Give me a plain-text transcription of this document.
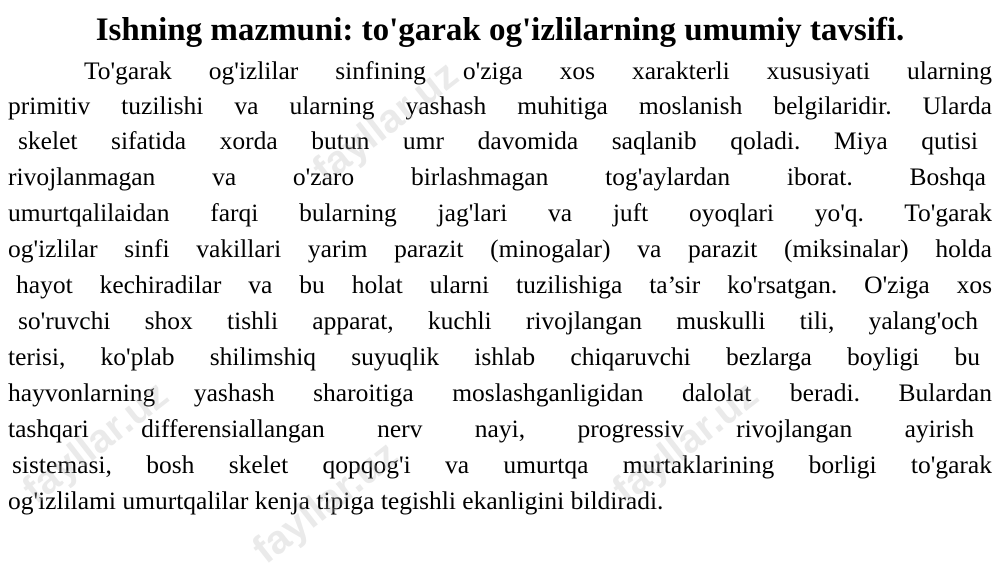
Ishning mazmuni: to'garak og'izlilarning umumiy tavsifi.
To'garak og'izlilar sinfining o'ziga xos xarakterli xususiyati ularning
primitiv tuzilishi va ularning yashash muhitiga moslanish belgilaridir. Ularda
skelet sifatida xorda butun umr davomida saqlanib qoladi. Miya qutisi
rivojlanmagan va o'zaro birlashmagan tog'aylardan iborat. Boshqa
umurtqalilaidan farqi bularning jag'lari va juft oyoqlari yo'q. To'garak
og'izlilar sinfi vakillari yarim parazit (minogalar) va parazit (miksinalar) holda
hayot kechiradilar va bu holat ularni tuzilishiga ta’sir ko'rsatgan. O'ziga xos
so'ruvchi shox tishli apparat, kuchli rivojlangan muskulli tili, yalang'och
terisi, ko'plab shilimshiq suyuqlik ishlab chiqaruvchi bezlarga boyligi bu
hayvonlarning yashash sharoitiga moslashganligidan dalolat beradi. Bulardan
tashqari differensiallangan nerv nayi, progressiv rivojlangan ayirish
sistemasi, bosh skelet qopqog'i va umurtqa murtaklarining borligi to'garak
og'izlilami umurtqalilar kenja tipiga tegishli ekanligini bildiradi.
fayllar.uz
fayllar.uz	fayllar.uz
fayllar.uz
